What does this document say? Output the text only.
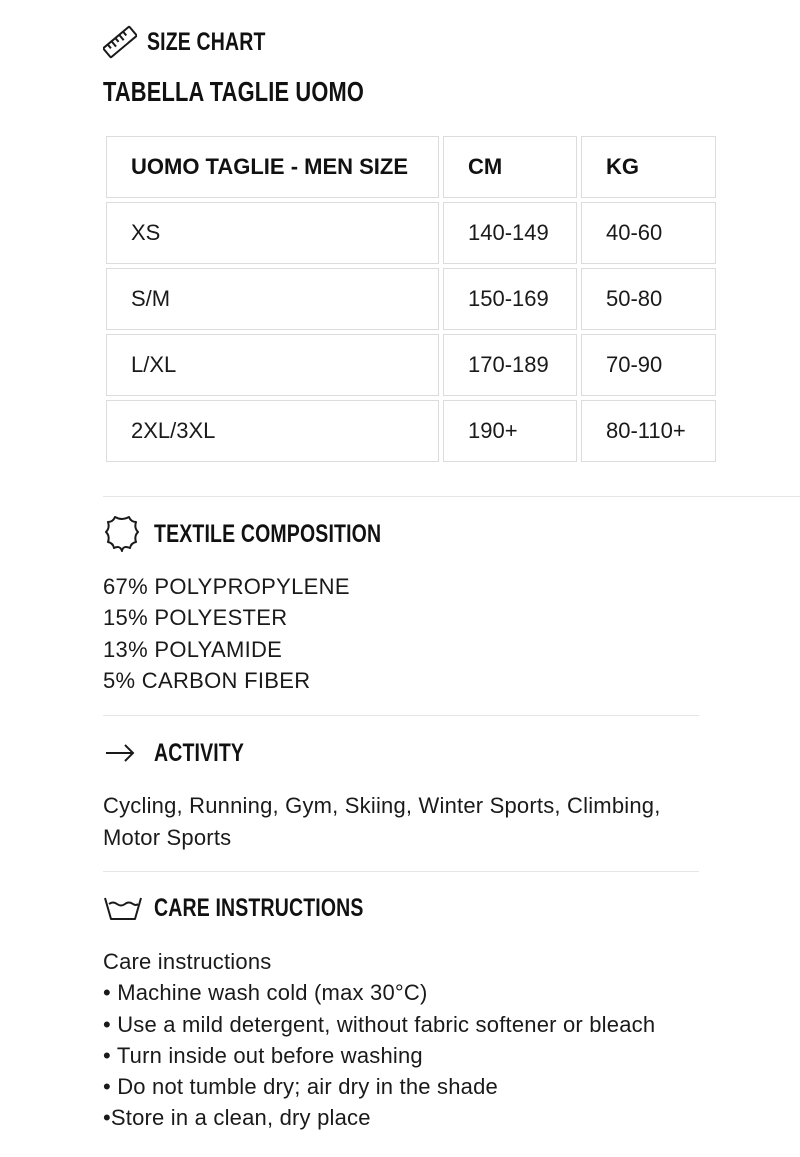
SIZE CHART
TABELLA TAGLIE UOMO
UOMO TAGLIE - MEN SIZE	CM	KG
XS	140-149	40-60
S/M	150-169	50-80
L/XL	170-189	70-90
2XL/3XL	190+	80-110+
TEXTILE COMPOSITION
67% POLYPROPYLENE
15% POLYESTER
13% POLYAMIDE
5% CARBON FIBER
ACTIVITY
Cycling, Running, Gym, Skiing, Winter Sports, Climbing, Motor Sports
CARE INSTRUCTIONS
Care instructions
• Machine wash cold (max 30°C)
• Use a mild detergent, without fabric softener or bleach
• Turn inside out before washing
• Do not tumble dry; air dry in the shade
•Store in a clean, dry place
